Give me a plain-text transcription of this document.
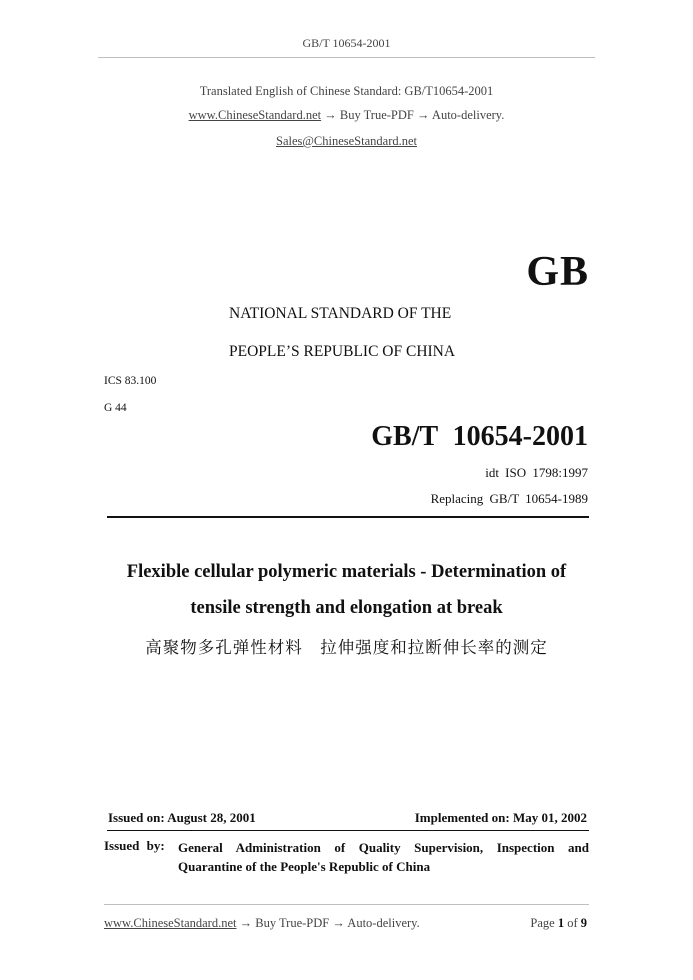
GB/T 10654-2001
Translated English of Chinese Standard: GB/T10654-2001
www.ChineseStandard.net → Buy True-PDF → Auto-delivery.
Sales@ChineseStandard.net
GB
NATIONAL STANDARD OF THE
PEOPLE’S REPUBLIC OF CHINA
ICS 83.100
G 44
GB/T 10654-2001
idt ISO 1798:1997
Replacing GB/T 10654-1989
Flexible cellular polymeric materials - Determination of
tensile strength and elongation at break
高聚物多孔弹性材料　拉伸强度和拉断伸长率的测定
Issued on: August 28, 2001	Implemented on: May 01, 2002
Issued by:	General Administration of Quality Supervision, Inspection and Quarantine of the People's Republic of China
www.ChineseStandard.net → Buy True-PDF → Auto-delivery.	Page 1 of 9
